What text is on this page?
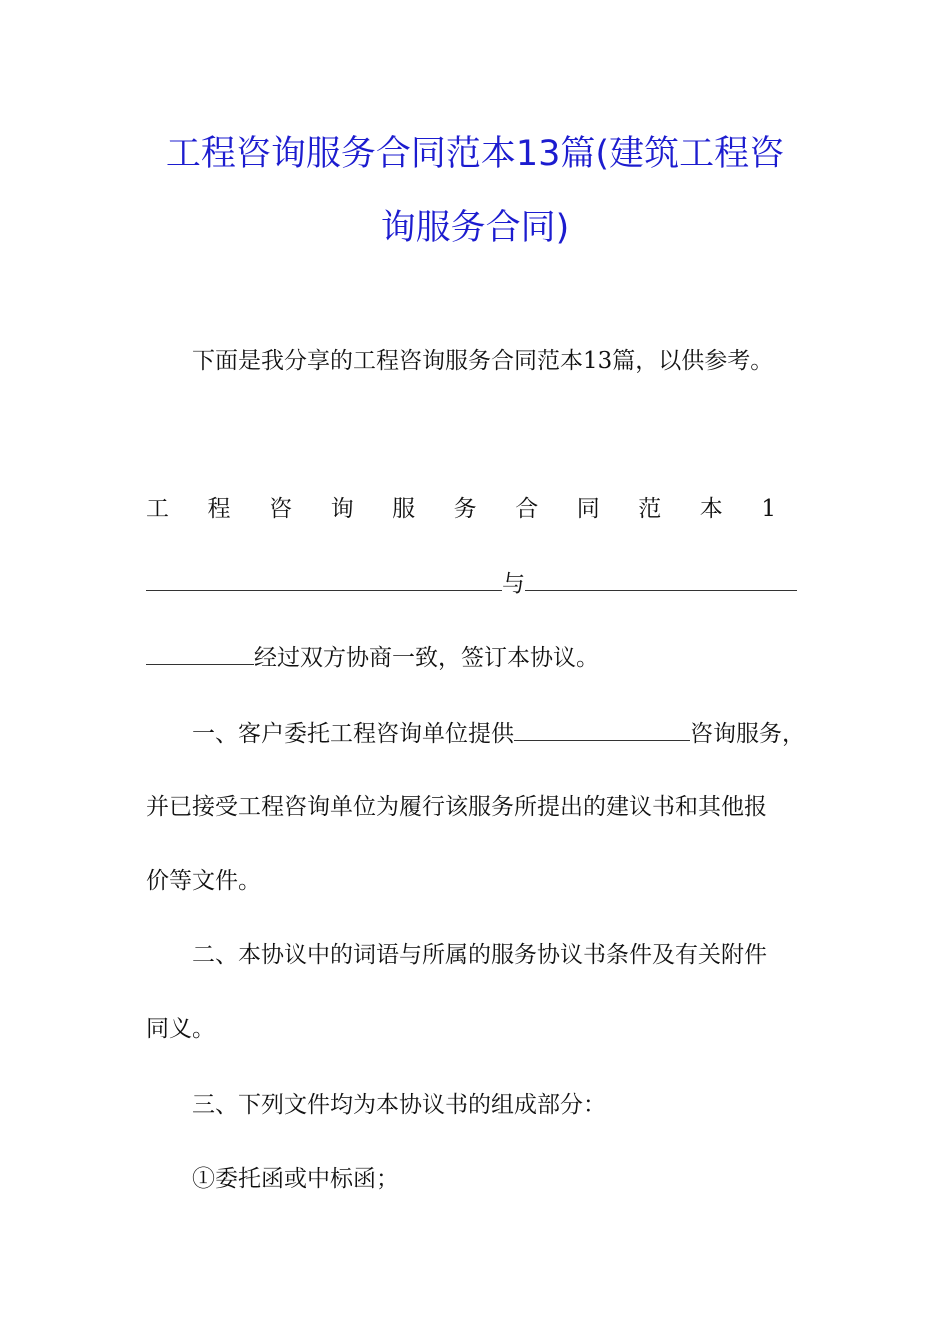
工程咨询服务合同范本13篇(建筑工程咨
询服务合同)
下面是我分享的工程咨询服务合同范本13篇，以供参考。
工 程 咨 询 服 务 合 同 范 本 1
与
经过双方协商一致，签订本协议。
一、客户委托工程咨询单位提供	咨询服务，
并已接受工程咨询单位为履行该服务所提出的建议书和其他报
价等文件。
二、本协议中的词语与所属的服务协议书条件及有关附件
同义。
三、下列文件均为本协议书的组成部分：
①委托函或中标函；
